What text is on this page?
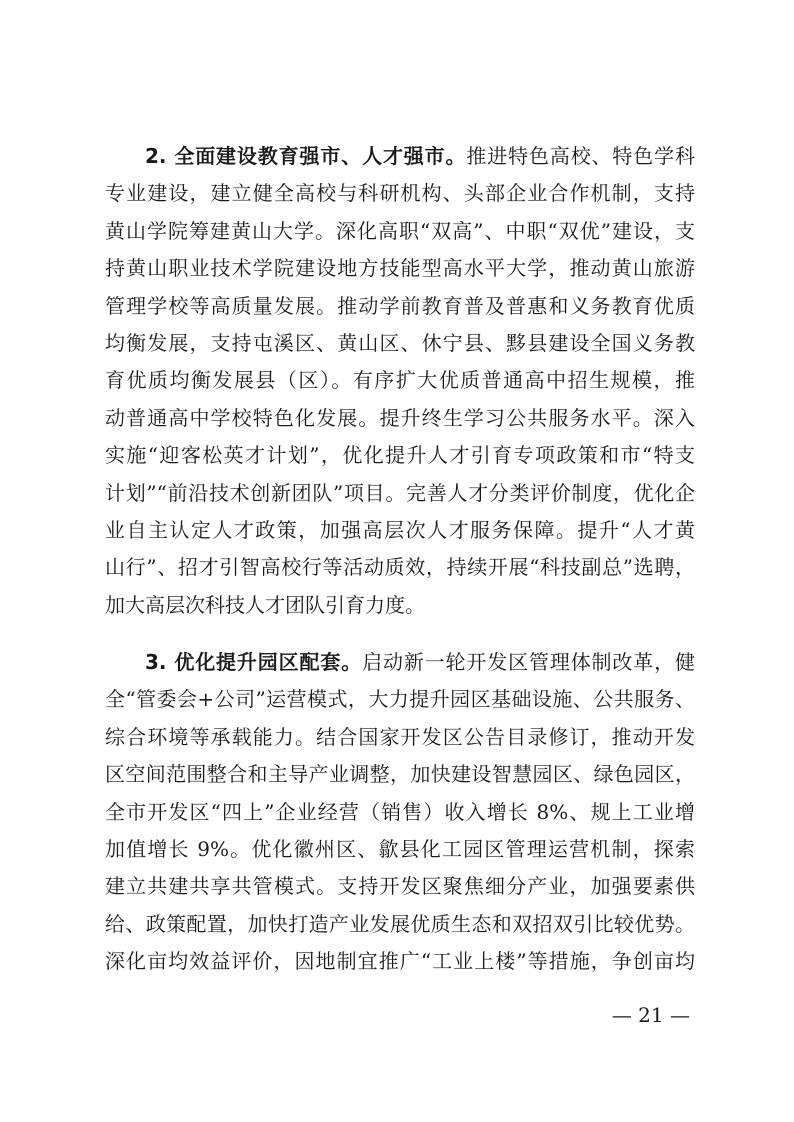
2. 全面建设教育强市、人才强市。推进特色高校、特色学科
专业建设，建立健全高校与科研机构、头部企业合作机制，支持
黄山学院筹建黄山大学。深化高职“双高”、中职“双优”建设，支
持黄山职业技术学院建设地方技能型高水平大学，推动黄山旅游
管理学校等高质量发展。推动学前教育普及普惠和义务教育优质
均衡发展，支持屯溪区、黄山区、休宁县、黟县建设全国义务教
育优质均衡发展县（区）。有序扩大优质普通高中招生规模，推
动普通高中学校特色化发展。提升终生学习公共服务水平。深入
实施“迎客松英才计划”，优化提升人才引育专项政策和市“特支
计划”“前沿技术创新团队”项目。完善人才分类评价制度，优化企
业自主认定人才政策，加强高层次人才服务保障。提升“人才黄
山行”、招才引智高校行等活动质效，持续开展“科技副总”选聘，
加大高层次科技人才团队引育力度。
3. 优化提升园区配套。启动新一轮开发区管理体制改革，健
全“管委会+公司”运营模式，大力提升园区基础设施、公共服务、
综合环境等承载能力。结合国家开发区公告目录修订，推动开发
区空间范围整合和主导产业调整，加快建设智慧园区、绿色园区，
全市开发区“四上”企业经营（销售）收入增长 8%、规上工业增
加值增长 9%。优化徽州区、歙县化工园区管理运营机制，探索
建立共建共享共管模式。支持开发区聚焦细分产业，加强要素供
给、政策配置，加快打造产业发展优质生态和双招双引比较优势。
深化亩均效益评价，因地制宜推广“工业上楼”等措施，争创亩均
— 21 —
